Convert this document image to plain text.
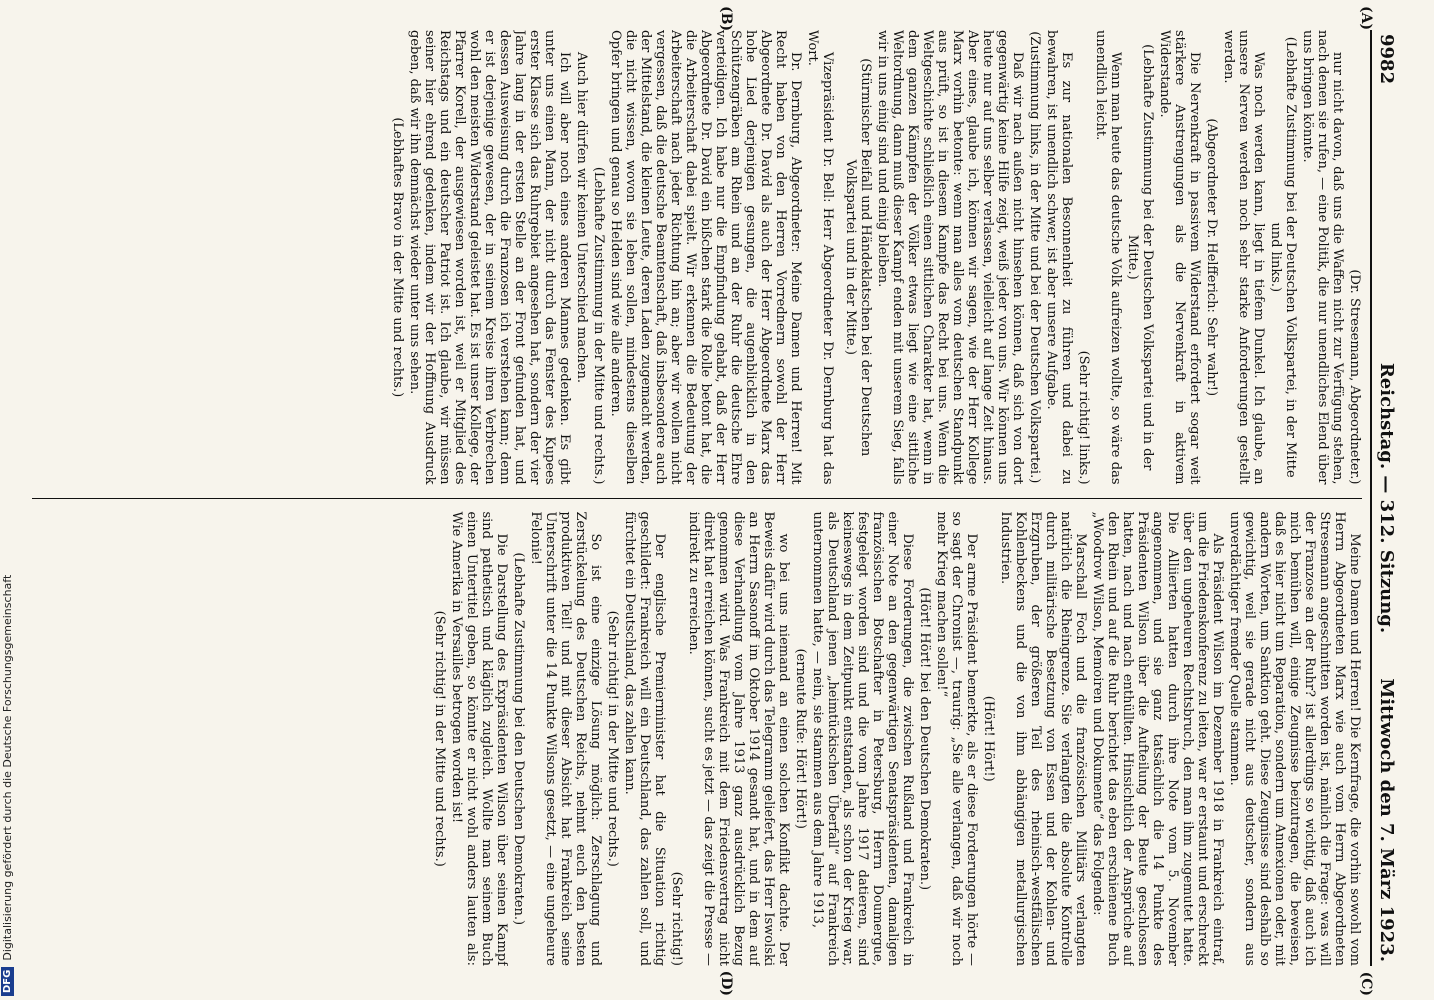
9982
Reichstag. — 312. Sitzung.
Mittwoch den 7. März 1923.

(Dr. Stresemann, Abgeordneter.)

nur nicht davon, daß uns die Waffen nicht zur Verfügung stehen, nach denen sie rufen, — eine Politik, die nur unendliches Elend über uns bringen könnte.

(Lebhafte Zustimmung bei der Deutschen Volkspartei, in der Mitte und links.)

Was noch werden kann, liegt in tiefem Dunkel. Ich glaube, an unsere Nerven werden noch sehr starke Anforderungen gestellt werden.

(Abgeordneter Dr. Helfferich: Sehr wahr!)

Die Nervenkraft in passivem Widerstand erfordert sogar weit stärkere Anstrengungen als die Nervenkraft in aktivem Widerstande.

(Lebhafte Zustimmung bei der Deutschen Volkspartei und in der Mitte.)

Wenn man heute das deutsche Volk aufreizen wollte, so wäre das unendlich leicht.

(Sehr richtig! links.)

Es zur nationalen Besonnenheit zu führen und dabei zu bewahren, ist unendlich schwer, ist aber unsere Aufgabe.

(Zustimmung links, in der Mitte und bei der Deutschen Volkspartei.)

Daß wir nach außen nicht hinsehen können, daß sich von dort gegenwärtig keine Hilfe zeigt, weiß jeder von uns. Wir können uns heute nur auf uns selber verlassen, vielleicht auf lange Zeit hinaus. Aber eines, glaube ich, können wir sagen, wie der Herr Kollege Marx vorhin betonte: wenn man alles vom deutschen Standpunkt aus prüft, so ist in diesem Kampfe das Recht bei uns. Wenn die Weltgeschichte schließlich einen sittlichen Charakter hat, wenn in dem ganzen Kämpfen der Völker etwas liegt wie eine sittliche Weltordnung, dann muß dieser Kampf enden mit unserem Sieg, falls wir in uns einig sind und einig bleiben.

(Stürmischer Beifall und Händeklatschen bei der Deutschen Volkspartei und in der Mitte.)

Vizepräsident Dr. Bell: Herr Abgeordneter Dr. Dernburg hat das Wort.

Dr. Dernburg, Abgeordneter: Meine Damen und Herren! Mit Recht haben von den Herren Vorrednern sowohl der Herr Abgeordnete Dr. David als auch der Herr Abgeordnete Marx das hohe Lied derjenigen gesungen, die augenblicklich in den Schützengräben am Rhein und an der Ruhr die deutsche Ehre verteidigen. Ich habe nur die Empfindung gehabt, daß der Herr Abgeordnete Dr. David ein bißchen stark die Rolle betont hat, die die Arbeiterschaft dabei spielt. Wir erkennen die Bedeutung der Arbeiterschaft nach jeder Richtung hin an; aber wir wollen nicht vergessen, daß die deutsche Beamtenschaft, daß insbesondere auch der Mittelstand, die kleinen Leute, deren Laden zugemacht werden, die nicht wissen, wovon sie leben sollen, mindestens dieselben Opfer bringen und genau so Helden sind wie alle anderen.

(Lebhafte Zustimmung in der Mitte und rechts.)

Auch hier dürfen wir keinen Unterschied machen.

Ich will aber noch eines anderen Mannes gedenken. Es gibt unter uns einen Mann, der nicht durch das Fenster des Kupees erster Klasse sich das Ruhrgebiet angesehen hat, sondern der vier Jahre lang in der ersten Stelle an der Front gefunden hat, und dessen Ausweisung durch die Franzosen ich verstehen kann; denn er ist derjenige gewesen, der in seinem Kreise ihren Verbrechen wohl den meisten Widerstand geleistet hat. Es ist unser Kollege, der Pfarrer Korell, der ausgewiesen worden ist, weil er Mitglied des Reichstags und ein deutscher Patriot ist. Ich glaube, wir müssen seiner hier ehrend gedenken, indem wir der Hoffnung Ausdruck geben, daß wir ihn demnächst wieder unter uns sehen.

(Lebhaftes Bravo in der Mitte und rechts.)

Meine Damen und Herren! Die Kernfrage, die vorhin sowohl vom Herrn Abgeordneten Marx wie auch vom Herrn Abgeordneten Stresemann angeschnitten worden ist, nämlich die Frage: was will der Franzose an der Ruhr? ist allerdings so wichtig, daß auch ich mich bemühen will, einige Zeugnisse beizutragen, die beweisen, daß es hier nicht um Reparation, sondern um Annexionen oder, mit andern Worten, um Sanktion geht. Diese Zeugnisse sind deshalb so gewichtig, weil sie gerade nicht aus deutscher, sondern aus unverdächtiger fremder Quelle stammen.

Als Präsident Wilson im Dezember 1918 in Frankreich eintraf, um die Friedenskonferenz zu leiten, war er erstaunt und erschreckt über den ungeheuren Rechtsbruch, den man ihm zugemutet hatte. Die Alliierten hatten durch ihre Note vom 5. November angenommen, und sie ganz tatsächlich die 14 Punkte des Präsidenten Wilson über die Aufteilung der Beute geschlossen hatten, nach und nach enthüllten. Hinsichtlich der Ansprüche auf den Rhein und auf die Ruhr berichtet das eben erschienene Buch „Woodrow Wilson, Memoiren und Dokumente“ das Folgende:

Marschall Foch und die französischen Militärs verlangten natürlich die Rheingrenze. Sie verlangten die absolute Kontrolle durch militärische Besetzung von Essen und der Kohlen- und Erzgruben, der größeren Teil des rheinisch-westfälischen Kohlenbeckens und die von ihm abhängigen metallurgischen Industrien.

(Hört! Hört!)

Der arme Präsident bemerkte, als er diese Forderungen hörte — so sagt der Chronist —, traurig: „Sie alle verlangen, daß wir noch mehr Krieg machen sollen!“

(Hört! Hört! bei den Deutschen Demokraten.)

Diese Forderungen, die zwischen Rußland und Frankreich in einer Note an den gegenwärtigen Senatspräsidenten, damaligen französischen Botschafter in Petersburg, Herrn Doumergue, festgelegt worden sind und die vom Jahre 1917 datieren, sind keineswegs in dem Zeitpunkt entstanden, als schon der Krieg war, als Deutschland jenen „heimtückischen Überfall“ auf Frankreich unternommen hatte, — nein, sie stammen aus dem Jahre 1913,

(erneute Rufe: Hört! Hört!)

wo bei uns niemand an einen solchen Konflikt dachte. Der Beweis dafür wird durch das Telegramm geliefert, das Herr Iswolski an Herrn Sasonoff im Oktober 1914 gesandt hat, und in dem auf diese Verhandlung vom Jahre 1913 ganz ausdrücklich Bezug genommen wird. Was Frankreich mit dem Friedensvertrag nicht direkt hat erreichen können, sucht es jetzt — das zeigt die Presse — indirekt zu erreichen.

(Sehr richtig!)

Der englische Premierminister hat die Situation richtig geschildert: Frankreich will ein Deutschland, das zahlen soll, und fürchtet ein Deutschland, das zahlen kann.

(Sehr richtig! in der Mitte und rechts.)

So ist eine einzige Lösung möglich: Zerschlagung und Zerstückelung des Deutschen Reichs, nehmt euch den besten produktiven Teil! und mit dieser Absicht hat Frankreich seine Unterschrift unter die 14 Punkte Wilsons gesetzt, — eine ungeheure Felonie!

(Lebhafte Zustimmung bei den Deutschen Demokraten.)

Die Darstellung des Expräsidenten Wilson über seinen Kampf sind pathetisch und kläglich zugleich. Wollte man seinem Buch einen Untertitel geben, so könnte er nicht wohl anders lauten als: Wie Amerika in Versailles betrogen worden ist!

(Sehr richtig! in der Mitte und rechts.)

(A)
(B)
(C)
(D)
DFG
Digitalisierung gefördert durch die Deutsche Forschungsgemeinschaft
